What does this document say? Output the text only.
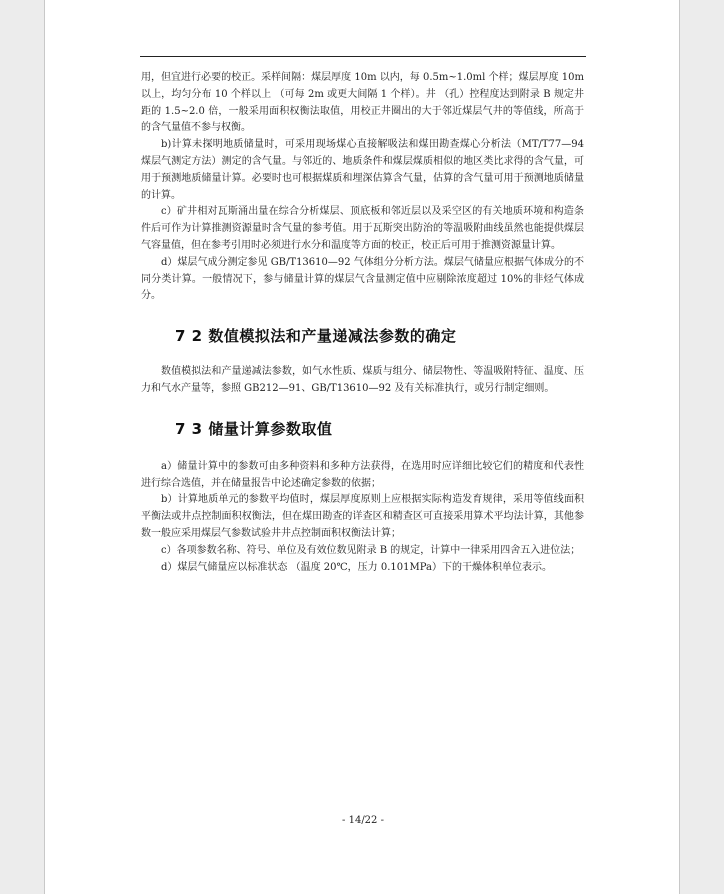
用，但宜进行必要的校正。采样间隔：煤层厚度 10m 以内，每 0.5m~1.0ml 个样；煤层厚度 10m 以上，均匀分布 10 个样以上 （可每 2m 或更大间隔 1 个样）。井 （孔）控程度达到附录 B 规定井距的 1.5~2.0 倍，一般采用面积权衡法取值，用校正井圈出的大于邻近煤层气井的等值线，所高于的含气量值不参与权衡。

b)计算未探明地质储量时，可采用现场煤心直接解吸法和煤田勘查煤心分析法（MT/T77—94 煤层气测定方法）测定的含气量。与邻近的、地质条件和煤层煤质相似的地区类比求得的含气量，可用于预测地质储量计算。必要时也可根据煤质和埋深估算含气量，估算的含气量可用于预测地质储量的计算。

c）矿井相对瓦斯涌出量在综合分析煤层、顶底板和邻近层以及采空区的有关地质环境和构造条件后可作为计算推测资源量时含气量的参考值。用于瓦斯突出防治的等温吸附曲线虽然也能提供煤层气容量值，但在参考引用时必须进行水分和温度等方面的校正，校正后可用于推测资源量计算。

d）煤层气成分测定参见 GB/T13610—92 气体组分分析方法。煤层气储量应根据气体成分的不同分类计算。一般情况下，参与储量计算的煤层气含量测定值中应剔除浓度超过 10%的非烃气体成分。

7 2 数值模拟法和产量递减法参数的确定

数值模拟法和产量递减法参数，如气水性质、煤质与组分、储层物性、等温吸附特征、温度、压力和气水产量等，参照 GB212—91、GB/T13610—92 及有关标准执行，或另行制定细则。

7 3 储量计算参数取值

a）储量计算中的参数可由多种资料和多种方法获得，在选用时应详细比较它们的精度和代表性进行综合选值，并在储量报告中论述确定参数的依据；

b）计算地质单元的参数平均值时，煤层厚度原则上应根据实际构造发育规律，采用等值线面积平衡法或井点控制面积权衡法，但在煤田勘查的详查区和精查区可直接采用算术平均法计算，其他参数一般应采用煤层气参数试验井井点控制面积权衡法计算；

c）各项参数名称、符号、单位及有效位数见附录 B 的规定，计算中一律采用四舍五入进位法；

d）煤层气储量应以标准状态 （温度 20℃，压力 0.101MPa）下的干燥体积单位表示。

- 14/22 -
